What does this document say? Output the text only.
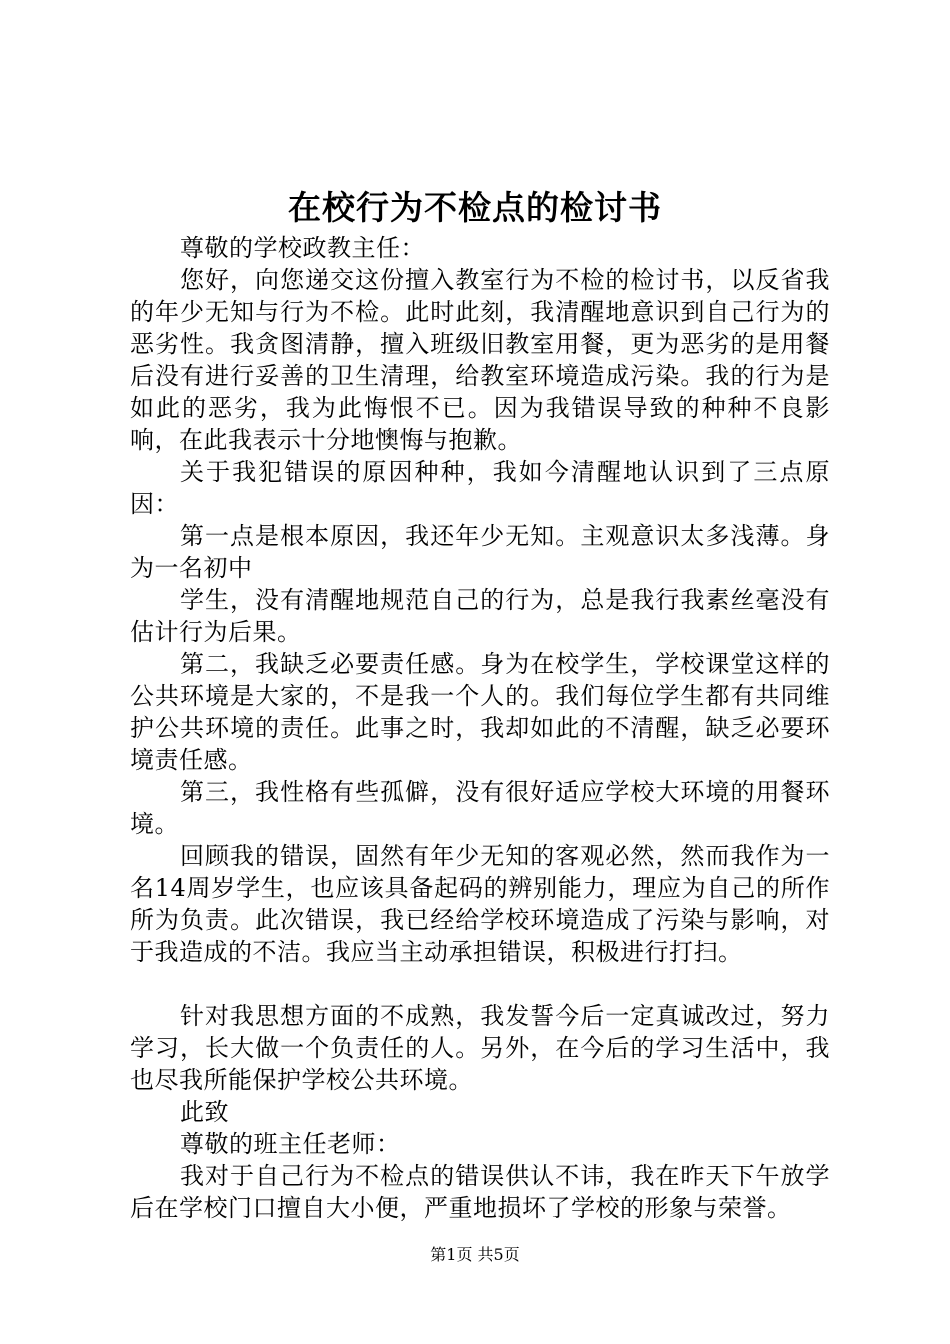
在校行为不检点的检讨书

尊敬的学校政教主任：

您好，向您递交这份擅入教室行为不检的检讨书，以反省我的年少无知与行为不检。此时此刻，我清醒地意识到自己行为的恶劣性。我贪图清静，擅入班级旧教室用餐，更为恶劣的是用餐后没有进行妥善的卫生清理，给教室环境造成污染。我的行为是如此的恶劣，我为此悔恨不已。因为我错误导致的种种不良影响，在此我表示十分地懊悔与抱歉。

关于我犯错误的原因种种，我如今清醒地认识到了三点原因：

第一点是根本原因，我还年少无知。主观意识太多浅薄。身为一名初中

学生，没有清醒地规范自己的行为，总是我行我素丝毫没有估计行为后果。

第二，我缺乏必要责任感。身为在校学生，学校课堂这样的公共环境是大家的，不是我一个人的。我们每位学生都有共同维护公共环境的责任。此事之时，我却如此的不清醒，缺乏必要环境责任感。

第三，我性格有些孤僻，没有很好适应学校大环境的用餐环境。

回顾我的错误，固然有年少无知的客观必然，然而我作为一名14周岁学生，也应该具备起码的辨别能力，理应为自己的所作所为负责。此次错误，我已经给学校环境造成了污染与影响，对于我造成的不洁。我应当主动承担错误，积极进行打扫。

针对我思想方面的不成熟，我发誓今后一定真诚改过，努力学习，长大做一个负责任的人。另外，在今后的学习生活中，我也尽我所能保护学校公共环境。

此致

尊敬的班主任老师：

我对于自己行为不检点的错误供认不讳，我在昨天下午放学后在学校门口擅自大小便，严重地损坏了学校的形象与荣誉。

第1页 共5页
